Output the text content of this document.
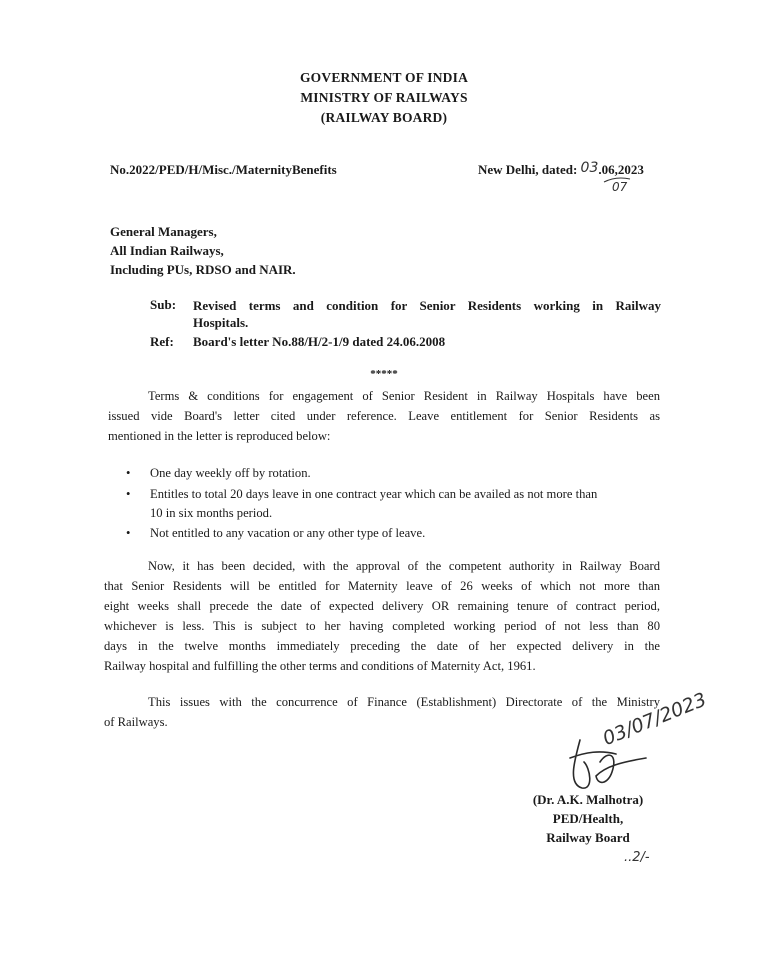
GOVERNMENT OF INDIA
MINISTRY OF RAILWAYS
(RAILWAY BOARD)
No.2022/PED/H/Misc./MaternityBenefits	New Delhi, dated: 03.06,2023
07
General Managers,
All Indian Railways,
Including PUs, RDSO and NAIR.
Sub: Revised terms and condition for Senior Residents working in Railway
Hospitals.
Ref: Board's letter No.88/H/2-1/9 dated 24.06.2008
*****
Terms & conditions for engagement of Senior Resident in Railway Hospitals have been
issued vide Board's letter cited under reference. Leave entitlement for Senior Residents as
mentioned in the letter is reproduced below:
• One day weekly off by rotation.
• Entitles to total 20 days leave in one contract year which can be availed as not more than
10 in six months period.
• Not entitled to any vacation or any other type of leave.
Now, it has been decided, with the approval of the competent authority in Railway Board
that Senior Residents will be entitled for Maternity leave of 26 weeks of which not more than
eight weeks shall precede the date of expected delivery OR remaining tenure of contract period,
whichever is less. This is subject to her having completed working period of not less than 80
days in the twelve months immediately preceding the date of her expected delivery in the
Railway hospital and fulfilling the other terms and conditions of Maternity Act, 1961.
This issues with the concurrence of Finance (Establishment) Directorate of the Ministry
of Railways.	03/07/2023
(Dr. A.K. Malhotra)
PED/Health,
Railway Board
..2/-
